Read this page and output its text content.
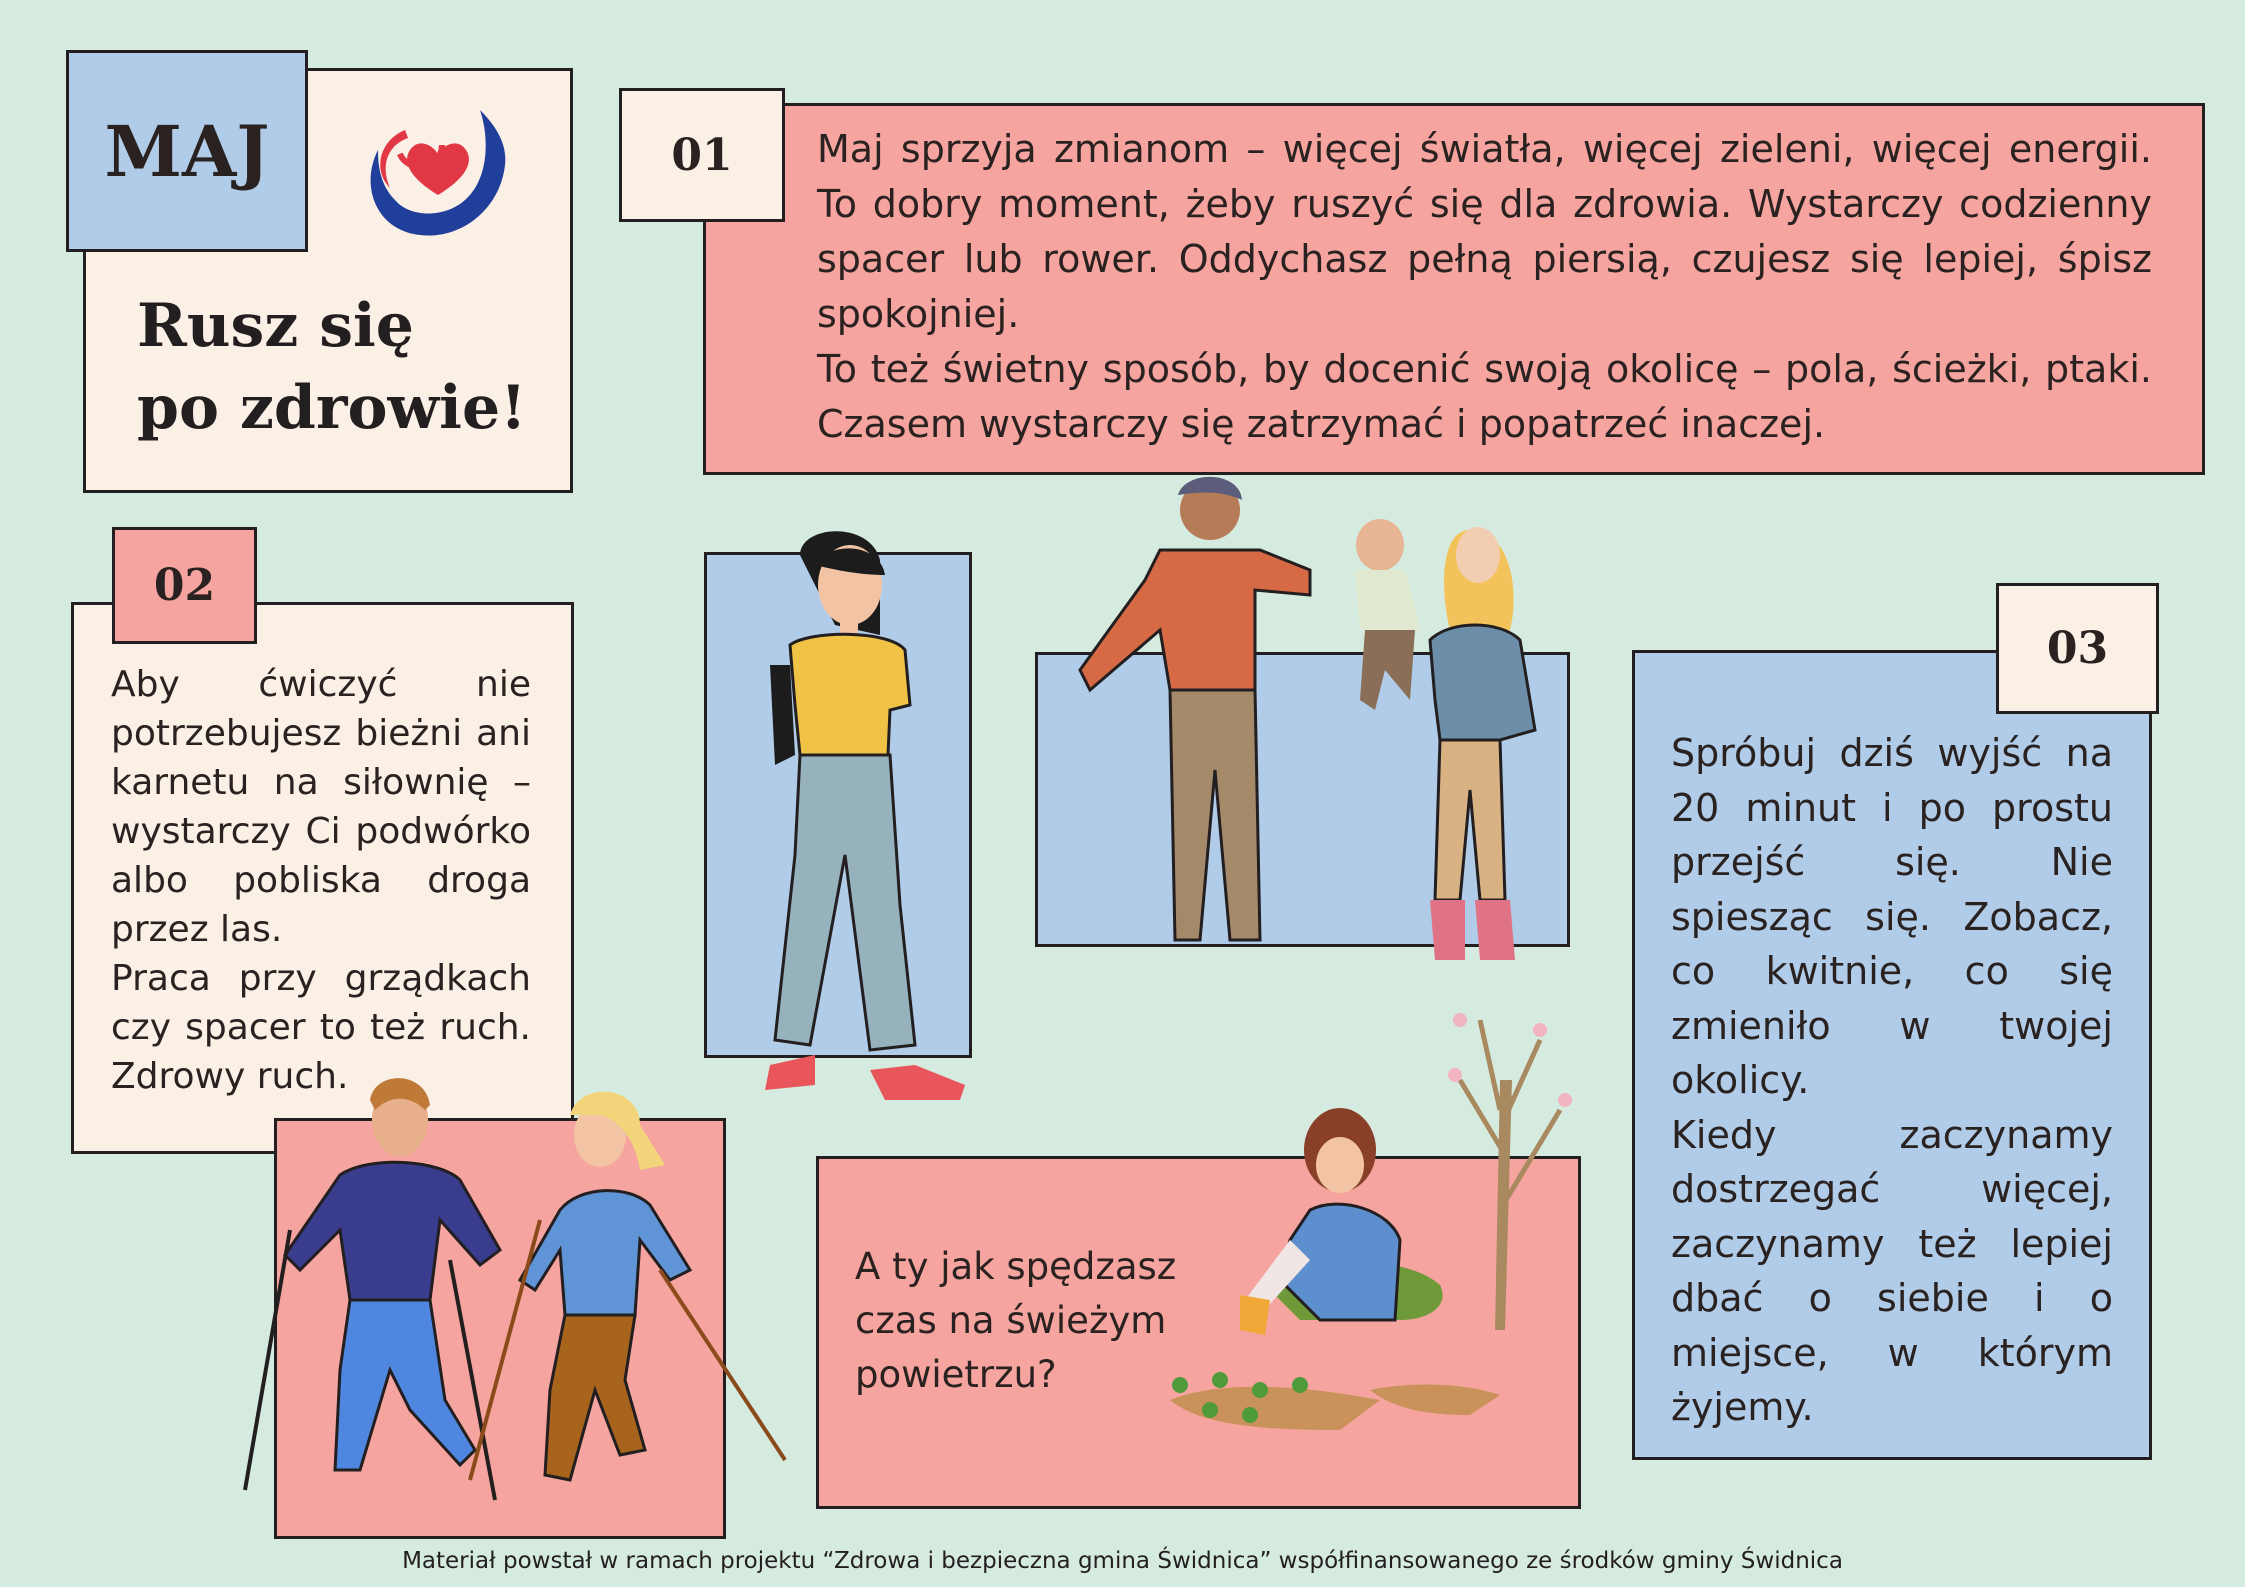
MAJ
Rusz się
po zdrowie!
01 Maj sprzyja zmianom – więcej światła, więcej zieleni, więcej energii. To dobry moment, żeby ruszyć się dla zdrowia. Wystarczy codzienny spacer lub rower. Oddychasz pełną piersią, czujesz się lepiej, śpisz spokojniej.
To też świetny sposób, by docenić swoją okolicę – pola, ścieżki, ptaki. Czasem wystarczy się zatrzymać i popatrzeć inaczej.
02
Aby ćwiczyć nie potrzebujesz bieżni ani karnetu na siłownię – wystarczy Ci podwórko albo pobliska droga przez las.
Praca przy grządkach czy spacer to też ruch. Zdrowy ruch.
03
Spróbuj dziś wyjść na 20 minut i po prostu przejść się. Nie spiesząc się. Zobacz, co kwitnie, co się zmieniło w twojej okolicy.
Kiedy zaczynamy dostrzegać więcej, zaczynamy też lepiej dbać o siebie i o miejsce, w którym żyjemy.
A ty jak spędzasz czas na świeżym powietrzu?
Materiał powstał w ramach projektu “Zdrowa i bezpieczna gmina Świdnica” współfinansowanego ze środków gminy Świdnica
